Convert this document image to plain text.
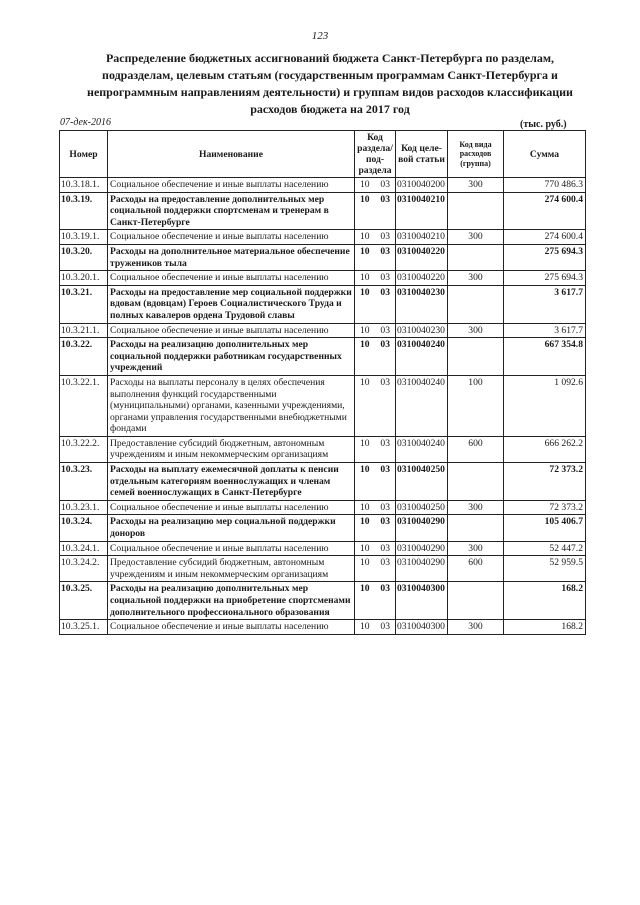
123
Распределение бюджетных ассигнований бюджета Санкт-Петербурга по разделам, подразделам, целевым статьям (государственным программам Санкт-Петербурга и непрограммным направлениям деятельности) и группам видов расходов классификации расходов бюджета на 2017 год
07-дек-2016	(тыс. руб.)
Номер	Наименование	Код раздела/ под-раздела	Код целе-вой статьи	Код вида расходов (группа)	Сумма
10.3.18.1.	Социальное обеспечение и иные выплаты населению	10 03	0310040200	300	770 486.3
10.3.19.	Расходы на предоставление дополнительных мер социальной поддержки спортсменам и тренерам в Санкт-Петербурге	10 03	0310040210		274 600.4
10.3.19.1.	Социальное обеспечение и иные выплаты населению	10 03	0310040210	300	274 600.4
10.3.20.	Расходы на дополнительное материальное обеспечение тружеников тыла	10 03	0310040220		275 694.3
10.3.20.1.	Социальное обеспечение и иные выплаты населению	10 03	0310040220	300	275 694.3
10.3.21.	Расходы на предоставление мер социальной поддержки вдовам (вдовцам) Героев Социалистического Труда и полных кавалеров ордена Трудовой славы	10 03	0310040230		3 617.7
10.3.21.1.	Социальное обеспечение и иные выплаты населению	10 03	0310040230	300	3 617.7
10.3.22.	Расходы на реализацию дополнительных мер социальной поддержки работникам государственных учреждений	10 03	0310040240		667 354.8
10.3.22.1.	Расходы на выплаты персоналу в целях обеспечения выполнения функций государственными (муниципальными) органами, казенными учреждениями, органами управления государственными внебюджетными фондами	10 03	0310040240	100	1 092.6
10.3.22.2.	Предоставление субсидий бюджетным, автономным учреждениям и иным некоммерческим организациям	10 03	0310040240	600	666 262.2
10.3.23.	Расходы на выплату ежемесячной доплаты к пенсии отдельным категориям военнослужащих и членам семей военнослужащих в Санкт-Петербурге	10 03	0310040250		72 373.2
10.3.23.1.	Социальное обеспечение и иные выплаты населению	10 03	0310040250	300	72 373.2
10.3.24.	Расходы на реализацию мер социальной поддержки доноров	10 03	0310040290		105 406.7
10.3.24.1.	Социальное обеспечение и иные выплаты населению	10 03	0310040290	300	52 447.2
10.3.24.2.	Предоставление субсидий бюджетным, автономным учреждениям и иным некоммерческим организациям	10 03	0310040290	600	52 959.5
10.3.25.	Расходы на реализацию дополнительных мер социальной поддержки на приобретение спортсменами дополнительного профессионального образования	10 03	0310040300		168.2
10.3.25.1.	Социальное обеспечение и иные выплаты населению	10 03	0310040300	300	168.2
